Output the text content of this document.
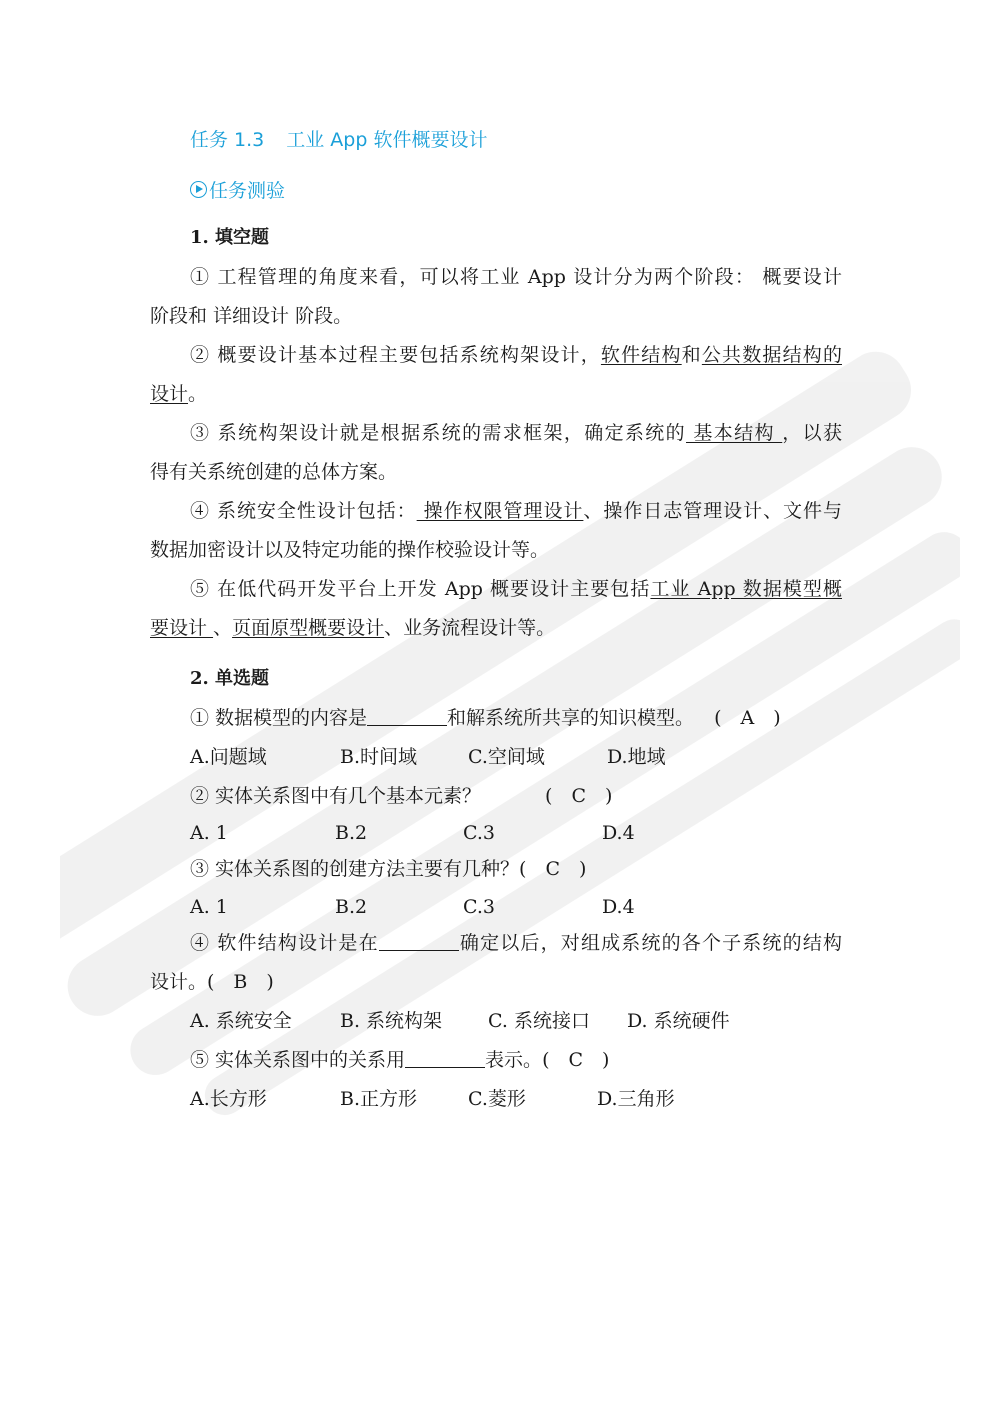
任务 1.3 工业 App 软件概要设计
任务测验
1. 填空题
① 工程管理的角度来看，可以将工业 App 设计分为两个阶段： 概要设计
阶段和 详细设计 阶段。
② 概要设计基本过程主要包括系统构架设计，软件结构和公共数据结构的
设计。
③ 系统构架设计就是根据系统的需求框架，确定系统的 基本结构 ，以获
得有关系统创建的总体方案。
④ 系统安全性设计包括： 操作权限管理设计、操作日志管理设计、文件与
数据加密设计以及特定功能的操作校验设计等。
⑤ 在低代码开发平台上开发 App 概要设计主要包括工业 App 数据模型概
要设计 、页面原型概要设计、业务流程设计等。
2. 单选题
① 数据模型的内容是	和解系统所共享的知识模型。 (　A　)
A.问题域	B.时间域	C.空间域	D.地域
② 实体关系图中有几个基本元素？	(　C　)
A. 1	B.2	C.3	D.4
③ 实体关系图的创建方法主要有几种？(　C　)
A. 1	B.2	C.3	D.4
④ 软件结构设计是在	确定以后，对组成系统的各个子系统的结构
设计。(　B　)
A. 系统安全	B. 系统构架 C. 系统接口 D. 系统硬件
⑤ 实体关系图中的关系用	表示。(　C　)
A.长方形	B.正方形	C.菱形	D.三角形
